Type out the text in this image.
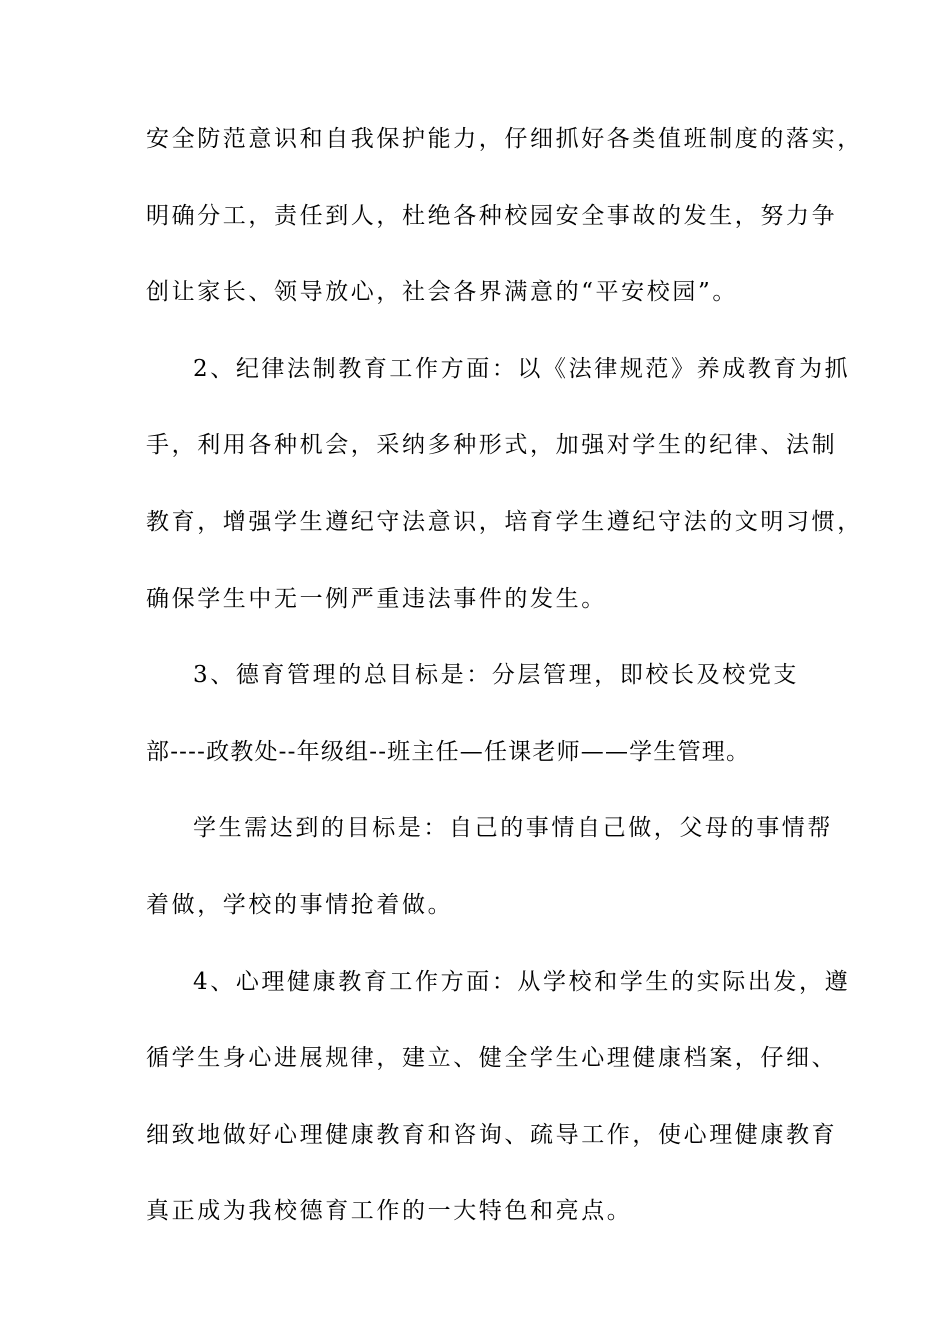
安全防范意识和自我保护能力，仔细抓好各类值班制度的落实，
明确分工，责任到人，杜绝各种校园安全事故的发生，努力争
创让家长、领导放心，社会各界满意的“平安校园”。
2、纪律法制教育工作方面：以《法律规范》养成教育为抓
手，利用各种机会，采纳多种形式，加强对学生的纪律、法制
教育，增强学生遵纪守法意识，培育学生遵纪守法的文明习惯，
确保学生中无一例严重违法事件的发生。
3、德育管理的总目标是：分层管理，即校长及校党支
部----政教处--年级组--班主任—任课老师——学生管理。
学生需达到的目标是：自己的事情自己做，父母的事情帮
着做，学校的事情抢着做。
4、心理健康教育工作方面：从学校和学生的实际出发，遵
循学生身心进展规律，建立、健全学生心理健康档案，仔细、
细致地做好心理健康教育和咨询、疏导工作，使心理健康教育
真正成为我校德育工作的一大特色和亮点。
